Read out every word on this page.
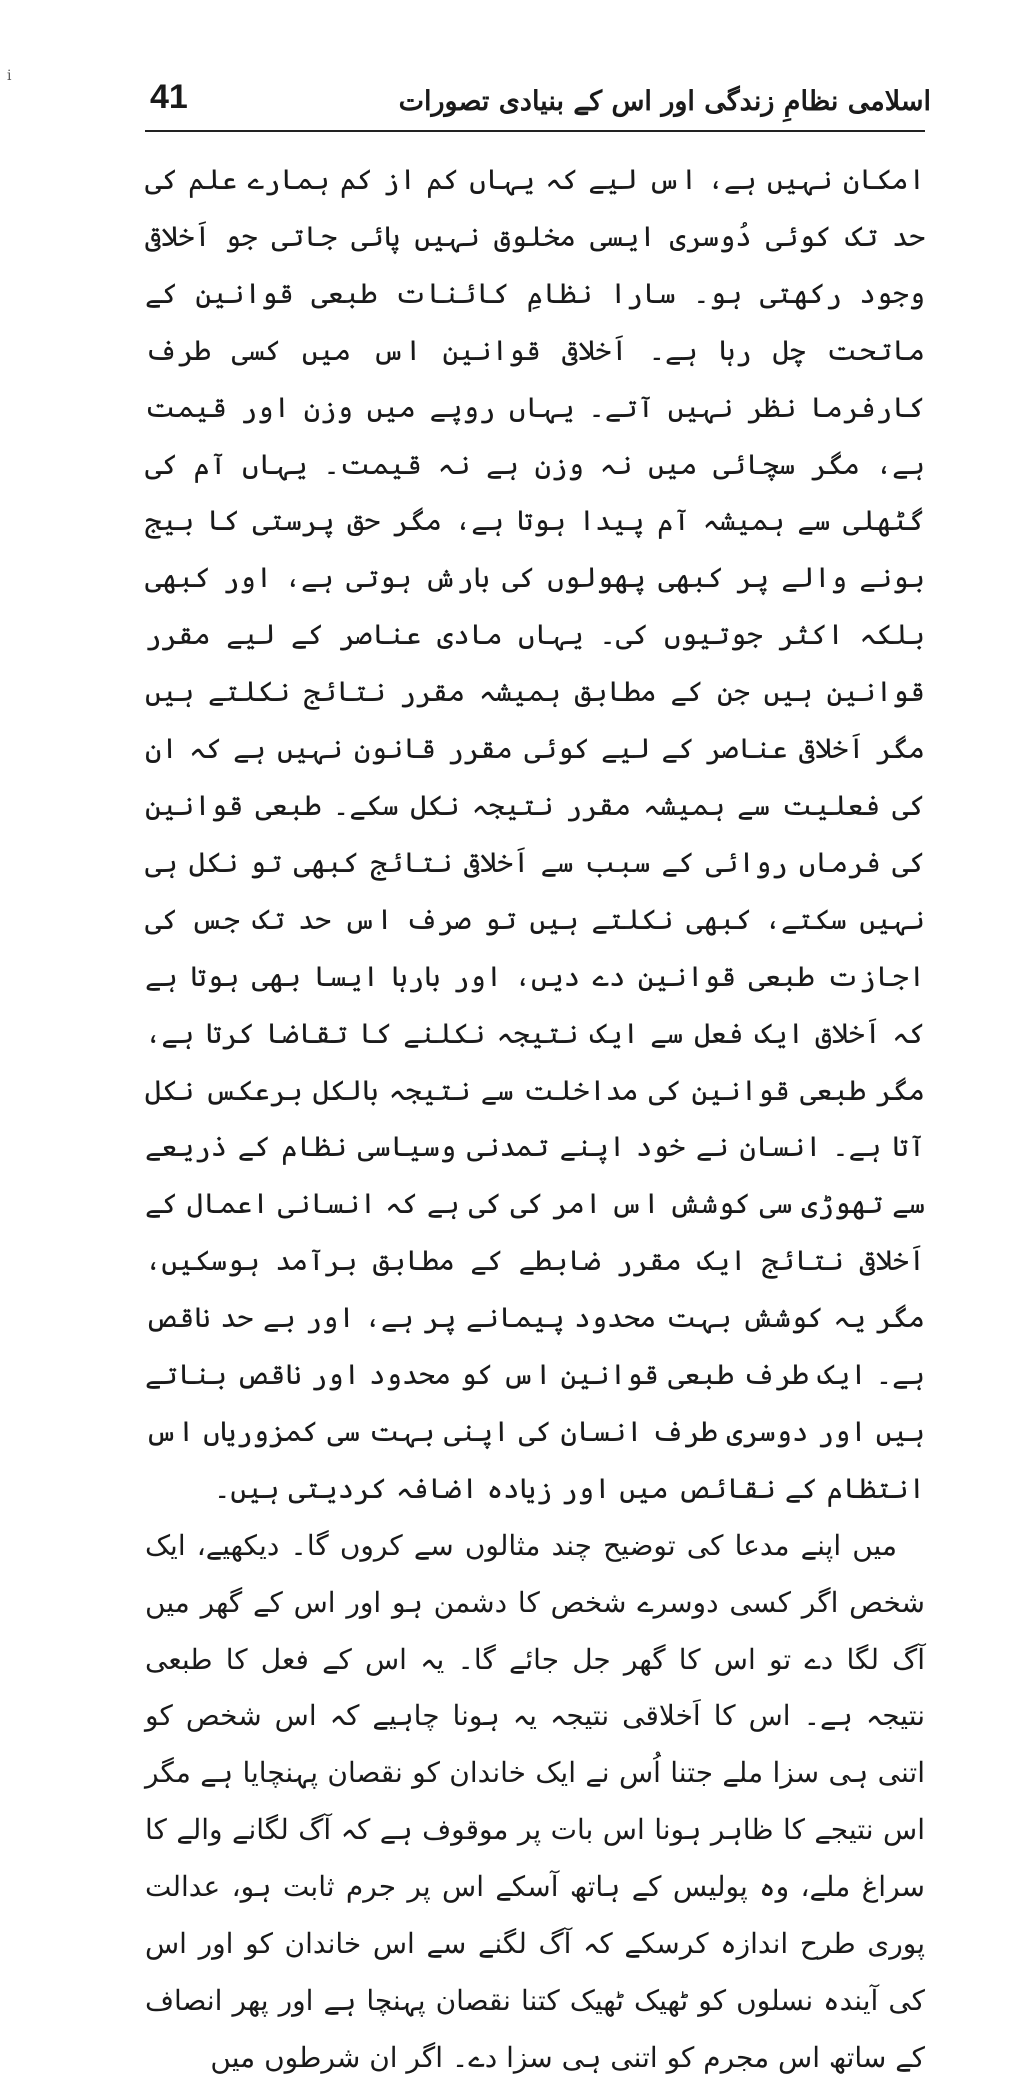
i
41	اسلامی نظامِ زندگی اور اس کے بنیادی تصورات

امکان نہیں ہے، اس لیے کہ یہاں کم از کم ہمارے علم کی حد تک کوئی دُوسری ایسی مخلوق نہیں پائی جاتی جو اَخلاقی وجود رکھتی ہو۔ سارا نظامِ کائنات طبعی قوانین کے ماتحت چل رہا ہے۔ اَخلاقی قوانین اس میں کسی طرف کارفرما نظر نہیں آتے۔ یہاں روپے میں وزن اور قیمت ہے، مگر سچائی میں نہ وزن ہے نہ قیمت۔ یہاں آم کی گٹھلی سے ہمیشہ آم پیدا ہوتا ہے، مگر حق پرستی کا بیج بونے والے پر کبھی پھولوں کی بارش ہوتی ہے، اور کبھی بلکہ اکثر جوتیوں کی۔ یہاں مادی عناصر کے لیے مقرر قوانین ہیں جن کے مطابق ہمیشہ مقرر نتائج نکلتے ہیں مگر اَخلاقی عناصر کے لیے کوئی مقرر قانون نہیں ہے کہ ان کی فعلیت سے ہمیشہ مقرر نتیجہ نکل سکے۔ طبعی قوانین کی فرماں روائی کے سبب سے اَخلاقی نتائج کبھی تو نکل ہی نہیں سکتے، کبھی نکلتے ہیں تو صرف اس حد تک جس کی اجازت طبعی قوانین دے دیں، اور بارہا ایسا بھی ہوتا ہے کہ اَخلاق ایک فعل سے ایک نتیجہ نکلنے کا تقاضا کرتا ہے، مگر طبعی قوانین کی مداخلت سے نتیجہ بالکل برعکس نکل آتا ہے۔ انسان نے خود اپنے تمدنی وسیاسی نظام کے ذریعے سے تھوڑی سی کوشش اس امر کی کی ہے کہ انسانی اعمال کے اَخلاقی نتائج ایک مقرر ضابطے کے مطابق برآمد ہوسکیں، مگر یہ کوشش بہت محدود پیمانے پر ہے، اور بے حد ناقص ہے۔ ایک طرف طبعی قوانین اس کو محدود اور ناقص بناتے ہیں اور دوسری طرف انسان کی اپنی بہت سی کمزوریاں اس انتظام کے نقائص میں اور زیادہ اضافہ کردیتی ہیں۔

میں اپنے مدعا کی توضیح چند مثالوں سے کروں گا۔ دیکھیے، ایک شخص اگر کسی دوسرے شخص کا دشمن ہو اور اس کے گھر میں آگ لگا دے تو اس کا گھر جل جائے گا۔ یہ اس کے فعل کا طبعی نتیجہ ہے۔ اس کا اَخلاقی نتیجہ یہ ہونا چاہیے کہ اس شخص کو اتنی ہی سزا ملے جتنا اُس نے ایک خاندان کو نقصان پہنچایا ہے مگر اس نتیجے کا ظاہر ہونا اس بات پر موقوف ہے کہ آگ لگانے والے کا سراغ ملے، وہ پولیس کے ہاتھ آسکے اس پر جرم ثابت ہو، عدالت پوری طرح اندازہ کرسکے کہ آگ لگنے سے اس خاندان کو اور اس کی آیندہ نسلوں کو ٹھیک ٹھیک کتنا نقصان پہنچا ہے اور پھر انصاف کے ساتھ اس مجرم کو اتنی ہی سزا دے۔ اگر ان شرطوں میں
